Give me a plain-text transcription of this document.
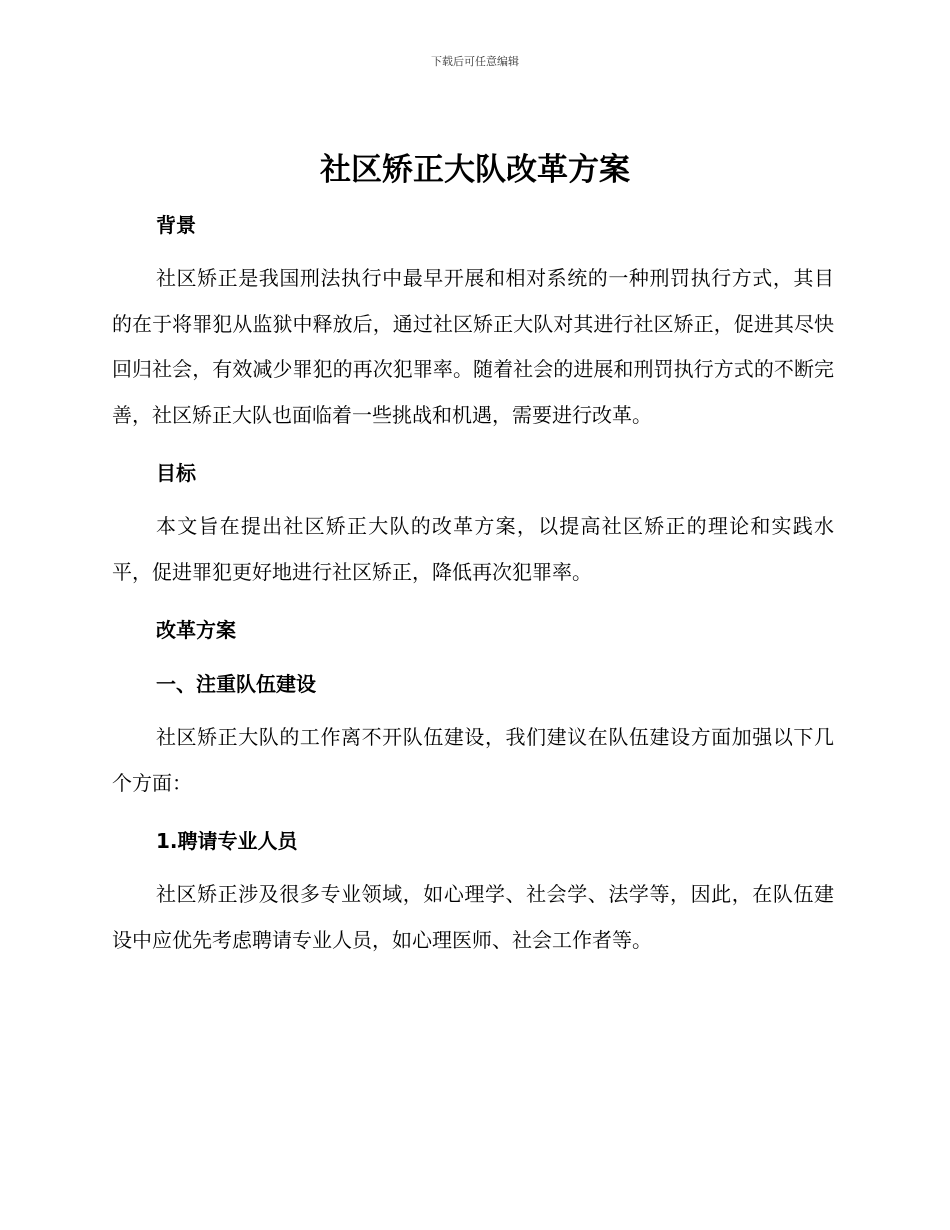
下载后可任意编辑
社区矫正大队改革方案
背景

社区矫正是我国刑法执行中最早开展和相对系统的一种刑罚执行方式，其目的在于将罪犯从监狱中释放后，通过社区矫正大队对其进行社区矫正，促进其尽快回归社会，有效减少罪犯的再次犯罪率。随着社会的进展和刑罚执行方式的不断完善，社区矫正大队也面临着一些挑战和机遇，需要进行改革。

目标

本文旨在提出社区矫正大队的改革方案，以提高社区矫正的理论和实践水平，促进罪犯更好地进行社区矫正，降低再次犯罪率。

改革方案
一、注重队伍建设

社区矫正大队的工作离不开队伍建设，我们建议在队伍建设方面加强以下几个方面：

1.聘请专业人员

社区矫正涉及很多专业领域，如心理学、社会学、法学等，因此，在队伍建设中应优先考虑聘请专业人员，如心理医师、社会工作者等。
